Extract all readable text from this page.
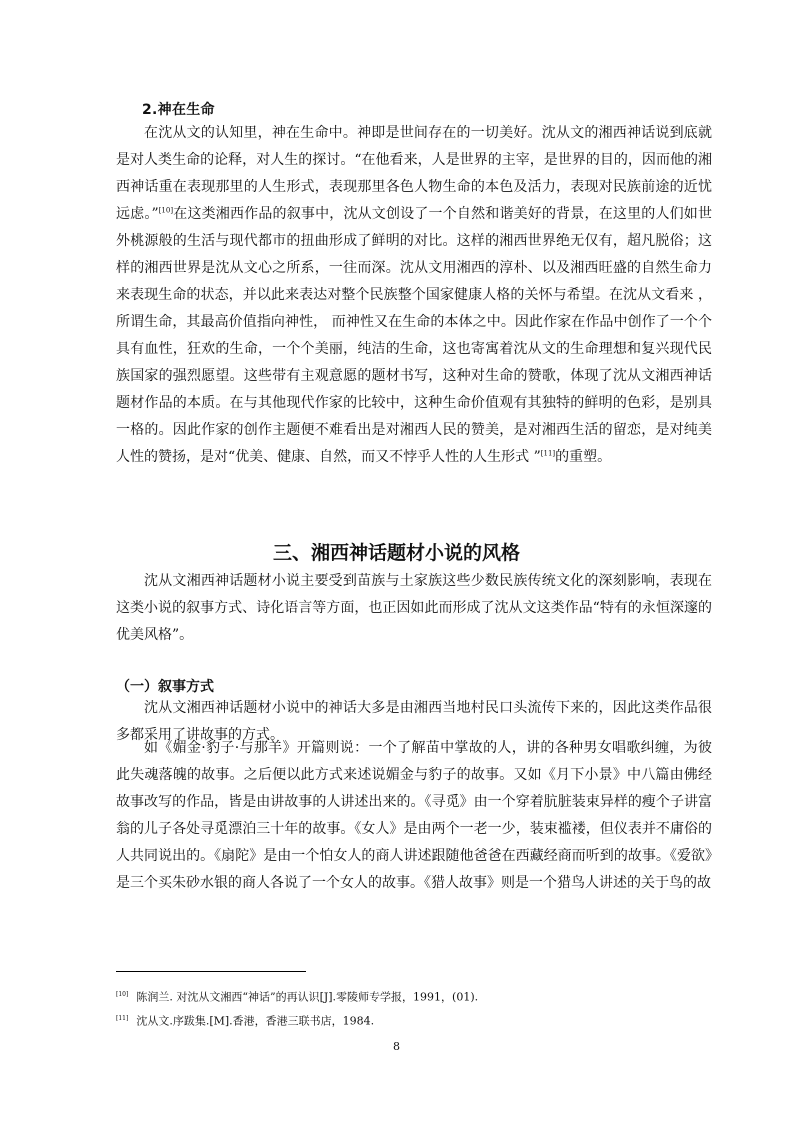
2.神在生命

在沈从文的认知里，神在生命中。神即是世间存在的一切美好。沈从文的湘西神话说到底就是对人类生命的论释，对人生的探讨。“在他看来，人是世界的主宰，是世界的目的，因而他的湘西神话重在表现那里的人生形式，表现那里各色人物生命的本色及活力，表现对民族前途的近忧远虑。”[10]在这类湘西作品的叙事中，沈从文创设了一个自然和谐美好的背景，在这里的人们如世外桃源般的生活与现代都市的扭曲形成了鲜明的对比。这样的湘西世界绝无仅有，超凡脱俗；这样的湘西世界是沈从文心之所系，一往而深。沈从文用湘西的淳朴、以及湘西旺盛的自然生命力来表现生命的状态，并以此来表达对整个民族整个国家健康人格的关怀与希望。在沈从文看来 ，所谓生命，其最高价值指向神性， 而神性又在生命的本体之中。因此作家在作品中创作了一个个具有血性，狂欢的生命，一个个美丽，纯洁的生命，这也寄寓着沈从文的生命理想和复兴现代民族国家的强烈愿望。这些带有主观意愿的题材书写，这种对生命的赞歌，体现了沈从文湘西神话题材作品的本质。在与其他现代作家的比较中，这种生命价值观有其独特的鲜明的色彩，是别具一格的。因此作家的创作主题便不难看出是对湘西人民的赞美，是对湘西生活的留恋，是对纯美人性的赞扬，是对“优美、健康、自然，而又不悖乎人性的人生形式 ”[11]的重塑。

三、湘西神话题材小说的风格

沈从文湘西神话题材小说主要受到苗族与土家族这些少数民族传统文化的深刻影响，表现在这类小说的叙事方式、诗化语言等方面，也正因如此而形成了沈从文这类作品“特有的永恒深邃的优美风格”。

（一）叙事方式

沈从文湘西神话题材小说中的神话大多是由湘西当地村民口头流传下来的，因此这类作品很多都采用了讲故事的方式。

如《媚金·豹子·与那羊》开篇则说：一个了解苗中掌故的人，讲的各种男女唱歌纠缠，为彼此失魂落魄的故事。之后便以此方式来述说媚金与豹子的故事。又如《月下小景》中八篇由佛经故事改写的作品，皆是由讲故事的人讲述出来的。《寻觅》由一个穿着肮脏装束异样的瘦个子讲富翁的儿子各处寻觅漂泊三十年的故事。《女人》是由两个一老一少，装束褴褛，但仪表并不庸俗的人共同说出的。《扇陀》是由一个怕女人的商人讲述跟随他爸爸在西藏经商而听到的故事。《爱欲》是三个买朱砂水银的商人各说了一个女人的故事。《猎人故事》则是一个猎鸟人讲述的关于鸟的故

[10] 陈润兰. 对沈从文湘西“神话”的再认识[J].零陵师专学报，1991，(01).

[11] 沈从文.序跋集.[M].香港，香港三联书店，1984.

8
